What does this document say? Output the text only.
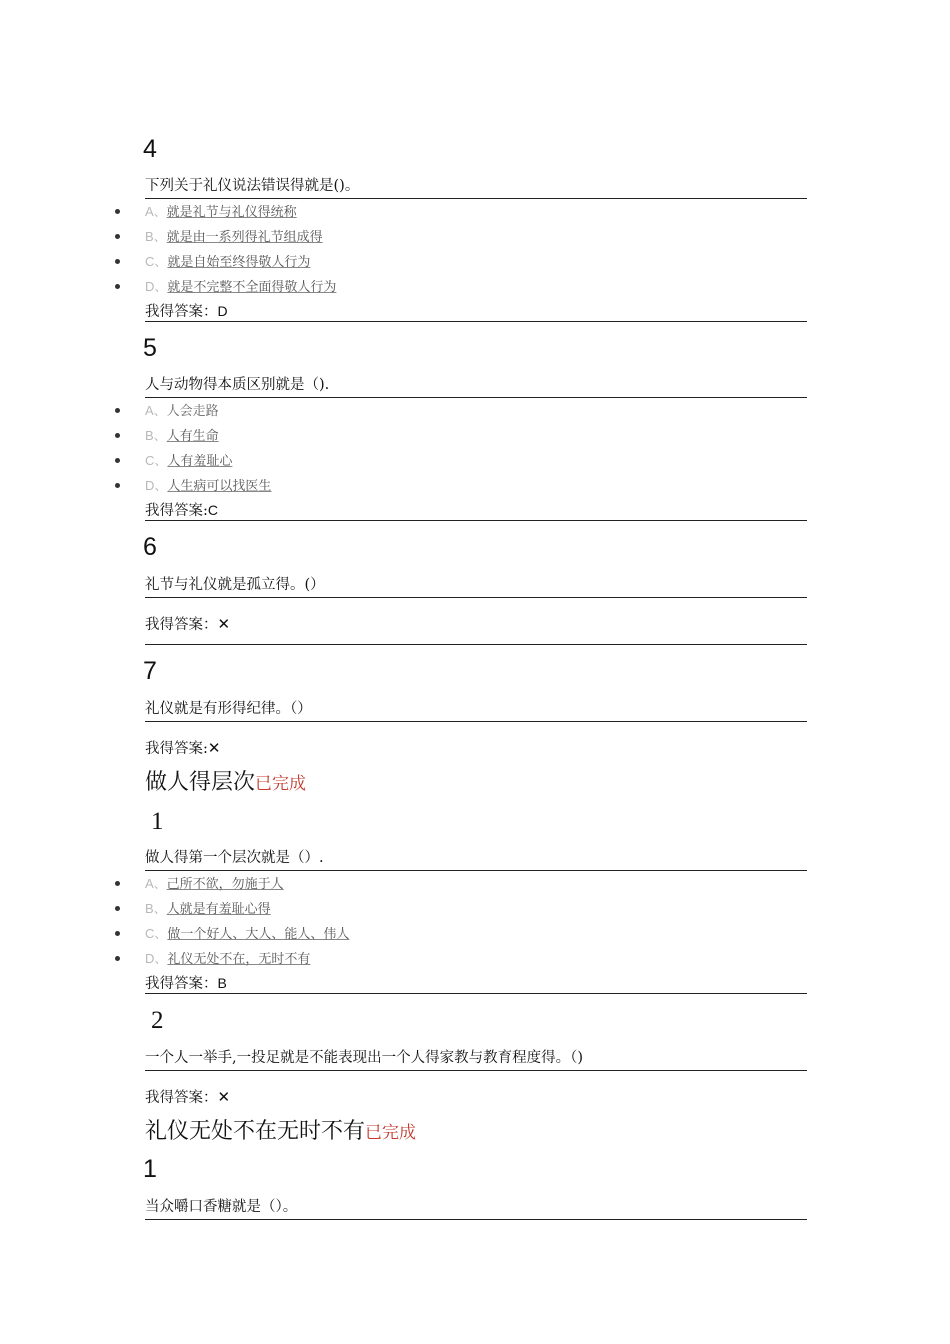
4
下列关于礼仪说法错误得就是()。
A、就是礼节与礼仪得统称
B、就是由一系列得礼节组成得
C、就是自始至终得敬人行为
D、就是不完整不全面得敬人行为
我得答案：D
5
人与动物得本质区别就是（).
A、人会走路
B、人有生命
C、人有羞耻心
D、人生病可以找医生
我得答案:C
6
礼节与礼仪就是孤立得。(）
我得答案：✕
7
礼仪就是有形得纪律。（）
我得答案:✕
做人得层次已完成
1
做人得第一个层次就是（）.
A、己所不欲，勿施于人
B、人就是有羞耻心得
C、做一个好人、大人、能人、伟人
D、礼仪无处不在，无时不有
我得答案：B
2
一个人一举手,一投足就是不能表现出一个人得家教与教育程度得。（)
我得答案：✕
礼仪无处不在无时不有已完成
1
当众嚼口香糖就是（）。
